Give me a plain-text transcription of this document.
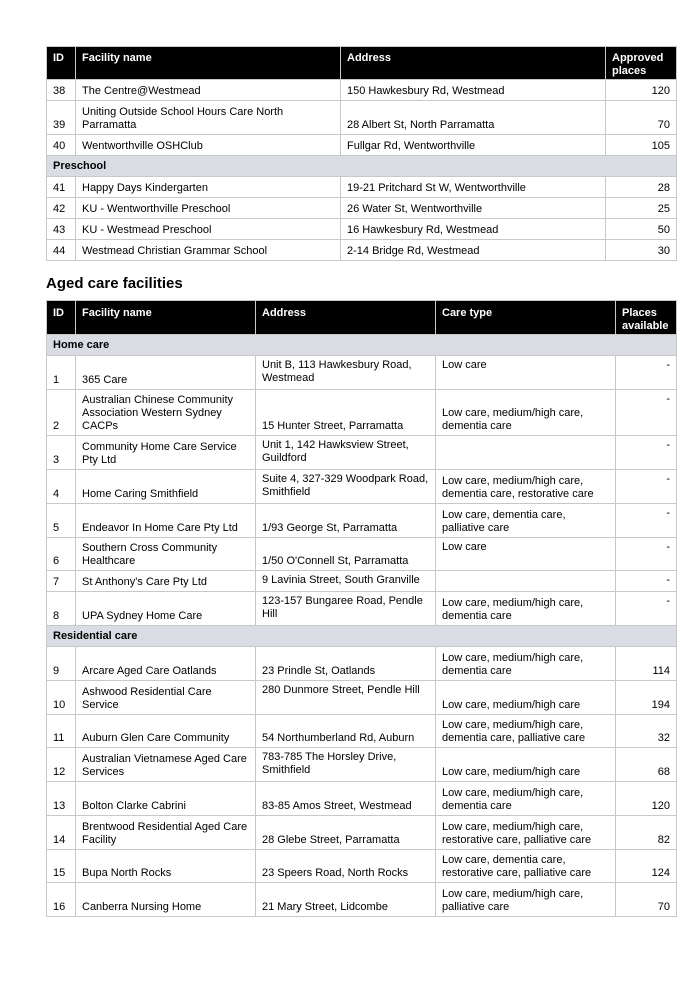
ID	Facility name	Address	Approved places
38	The Centre@Westmead	150 Hawkesbury Rd, Westmead	120
39	Uniting Outside School Hours Care North Parramatta	28 Albert St, North Parramatta	70
40	Wentworthville OSHClub	Fullgar Rd, Wentworthville	105
Preschool			
41	Happy Days Kindergarten	19-21 Pritchard St W, Wentworthville	28
42	KU - Wentworthville Preschool	26 Water St, Wentworthville	25
43	KU - Westmead Preschool	16 Hawkesbury Rd, Westmead	50
44	Westmead Christian Grammar School	2-14 Bridge Rd, Westmead	30
Aged care facilities
ID	Facility name	Address	Care type	Places available
Home care				
1	365 Care	Unit B, 113 Hawkesbury Road, Westmead	Low care	-
2	Australian Chinese Community Association Western Sydney CACPs	15 Hunter Street, Parramatta	Low care, medium/high care, dementia care	-
3	Community Home Care Service Pty Ltd	Unit 1, 142 Hawksview Street, Guildford		-
4	Home Caring Smithfield	Suite 4, 327-329 Woodpark Road, Smithfield	Low care, medium/high care, dementia care, restorative care	-
5	Endeavor In Home Care Pty Ltd	1/93 George St, Parramatta	Low care, dementia care, palliative care	-
6	Southern Cross Community Healthcare	1/50 O'Connell St, Parramatta	Low care	-
7	St Anthony's Care Pty Ltd	9 Lavinia Street, South Granville		-
8	UPA Sydney Home Care	123-157 Bungaree Road, Pendle Hill	Low care, medium/high care, dementia care	-
Residential care				
9	Arcare Aged Care Oatlands	23 Prindle St, Oatlands	Low care, medium/high care, dementia care	114
10	Ashwood Residential Care Service	280 Dunmore Street, Pendle Hill	Low care, medium/high care	194
11	Auburn Glen Care Community	54 Northumberland Rd, Auburn	Low care, medium/high care, dementia care, palliative care	32
12	Australian Vietnamese Aged Care Services	783-785 The Horsley Drive, Smithfield	Low care, medium/high care	68
13	Bolton Clarke Cabrini	83-85 Amos Street, Westmead	Low care, medium/high care, dementia care	120
14	Brentwood Residential Aged Care Facility	28 Glebe Street, Parramatta	Low care, medium/high care, restorative care, palliative care	82
15	Bupa North Rocks	23 Speers Road, North Rocks	Low care, dementia care, restorative care, palliative care	124
16	Canberra Nursing Home	21 Mary Street, Lidcombe	Low care, medium/high care, palliative care	70
